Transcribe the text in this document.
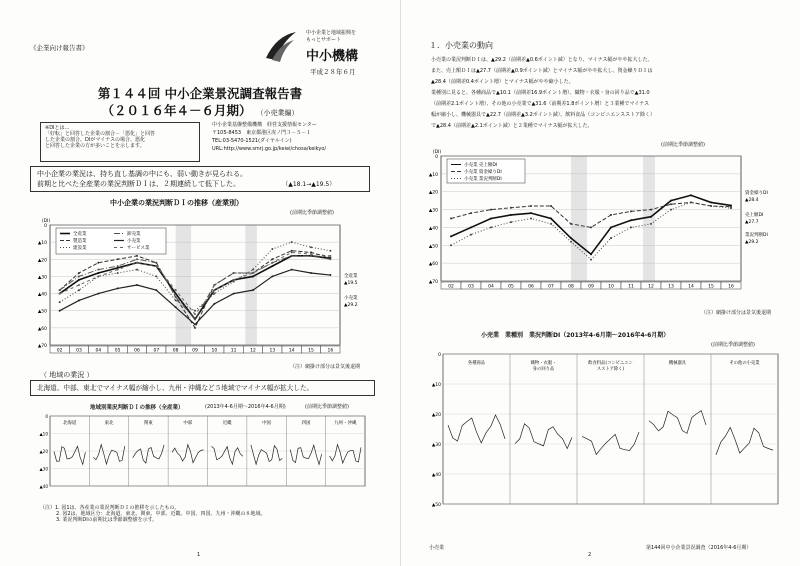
《企業向け報告書》
中小企業と地域振興を
もっとサポート
中小機構
平成２８年６月
第１４４回 中小企業景況調査報告書
（２０１６年４－６月期） （小売業編）
※DIとは…
「好転」と回答した企業の割合－「悪化」と回答
した企業の割合。DIがマイナスの場合、悪化
と回答した企業の方が多いことを示します。
中小企業基盤整備機構　経営支援情報センター
〒105-8453　東京都港区虎ノ門３－５－１
TEL:03-5470-1521(ダイヤルイン)
URL:http://www.smrj.go.jp/keiei/chosa/keikyo/
中小企業の業況は、持ち直し基調の中にも、弱い動きが見られる。
前期と比べた全産業の業況判断ＤＩは、２期連続して低下した。	（▲18.1→▲19.5）
中小企業の業況判断ＤＩの推移（産業別）
(前期比季節調整値)
0
▲10
▲20
▲30
▲40
▲50
▲60
▲70
02	03	04	05	06	07	08	09	10	11	12	13	14	15	16
(DI)
全産業
製造業
建設業
卸売業
小売業
サービス業
全産業
▲19.5
小売業
▲29.2
（注）網掛け部分は景気後退期
（ 地域の業況 ）
北海道、中部、東北でマイナス幅が縮小し、九州・沖縄など５地域でマイナス幅が拡大した。
地域別業況判断ＤＩの推移（全産業）	(2013年4-6月期～2016年4-6月期)	(前期比季節調整値)
0
▲10
▲20
▲30
▲40
北海道	東北	関東	中部	近畿	中国	四国	九州・沖縄
（注）1. 図1は、各産業の業況判断ＤＩの推移を示したもの。
2. 図2は、地域区分：北海道、東北、関東、中部、近畿、中国、四国、九州・沖縄の８地域。
3. 業況判断DIの前期比は季節調整値を示す。
1
１．小売業の動向
小売業の業況判断ＤＩは、▲29.2（前期差▲0.6ポイント減）となり、マイナス幅がやや拡大した。
また、売上額ＤＩは▲27.7（前期差▲0.9ポイント減）とマイナス幅がやや拡大し、資金繰りＤＩは
▲28.4（前期差0.4ポイント増）とマイナス幅がやや縮小した。
業種別に見ると、各種商品で▲10.1（前期差16.9ポイント増）、織物・衣服・身の回り品で▲31.0
（前期差2.1ポイント増）、その他の小売業で▲31.6（前期差1.8ポイント増）と３業種でマイナス
幅が縮小し、機械器具で▲22.7（前期差▲3.2ポイント減）、飲料食品（コンビニエンスストア除く）
で▲28.4（前期差▲2.1ポイント減）と２業種でマイナス幅が拡大した。
(前期比季節調整値)
0
▲10
▲20
▲30
▲40
▲50
▲60
▲70
02	03	04	05	06	07	08	09	10	11	12	13	14	15	16
(DI)
小売業 売上額DI
小売業 資金繰りDI
小売業 業況判断DI
資金繰りDI
▲28.4
売上額DI
▲27.7
業況判断DI
▲29.2
（注）網掛け部分は景気後退期
小売業　業種別　業況判断DI（2013年4-6月期～2016年4-6月期）
(前期比季節調整値)
0
▲10
▲20
▲30
▲40
▲50
各種商品	織物・衣服・
身の回り品
飲食料品(コンビニエン
スストア除く)
機械器具	その他の小売業
小売業	第144回中小企業景況調査（2016年4-6月期）
2
